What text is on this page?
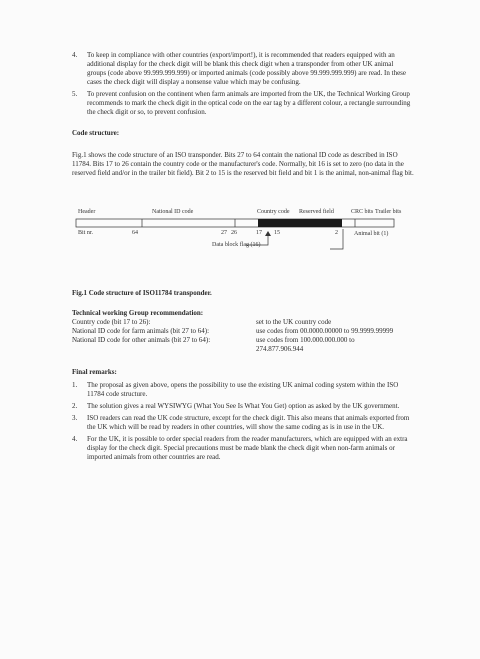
4. To keep in compliance with other countries (export/import!), it is recommended that readers equipped with an additional display for the check digit will be blank this check digit when a transponder from other UK animal groups (code above 99.999.999.999) or imported animals (code possibly above 99.999.999.999) are read. In these cases the check digit will display a nonsense value which may be confusing.
5. To prevent confusion on the continent when farm animals are imported from the UK, the Technical Working Group recommends to mark the check digit in the optical code on the ear tag by a different colour, a rectangle surrounding the check digit or so, to prevent confusion.
Code structure:
Fig.1 shows the code structure of an ISO transponder. Bits 27 to 64 contain the national ID code as described in ISO 11784. Bits 17 to 26 contain the country code or the manufacturer's code. Normally, bit 16 is set to zero (no data in the reserved field and/or in the trailer bit field). Bit 2 to 15 is the reserved bit field and bit 1 is the animal, non-animal flag bit.
Header	National ID code	Country code Reserved field	CRC bits Trailer bits
Bit nr.	64	27 26	17 15	2
Data block flag (16)
Animal bit (1)
Fig.1 Code structure of ISO11784 transponder.
Technical working Group recommendation:
Country code (bit 17 to 26):	set to the UK country code
National ID code for farm animals (bit 27 to 64):	use codes from 00.0000.00000 to 99.9999.99999
National ID code for other animals (bit 27 to 64):	use codes from 100.000.000.000 to 274.877.906.944
Final remarks:
1. The proposal as given above, opens the possibility to use the existing UK animal coding system within the ISO 11784 code structure.
2. The solution gives a real WYSIWYG (What You See Is What You Get) option as asked by the UK government.
3. ISO readers can read the UK code structure, except for the check digit. This also means that animals exported from the UK which will be read by readers in other countries, will show the same coding as is in use in the UK.
4. For the UK, it is possible to order special readers from the reader manufacturers, which are equipped with an extra display for the check digit. Special precautions must be made blank the check digit when non-farm animals or imported animals from other countries are read.
